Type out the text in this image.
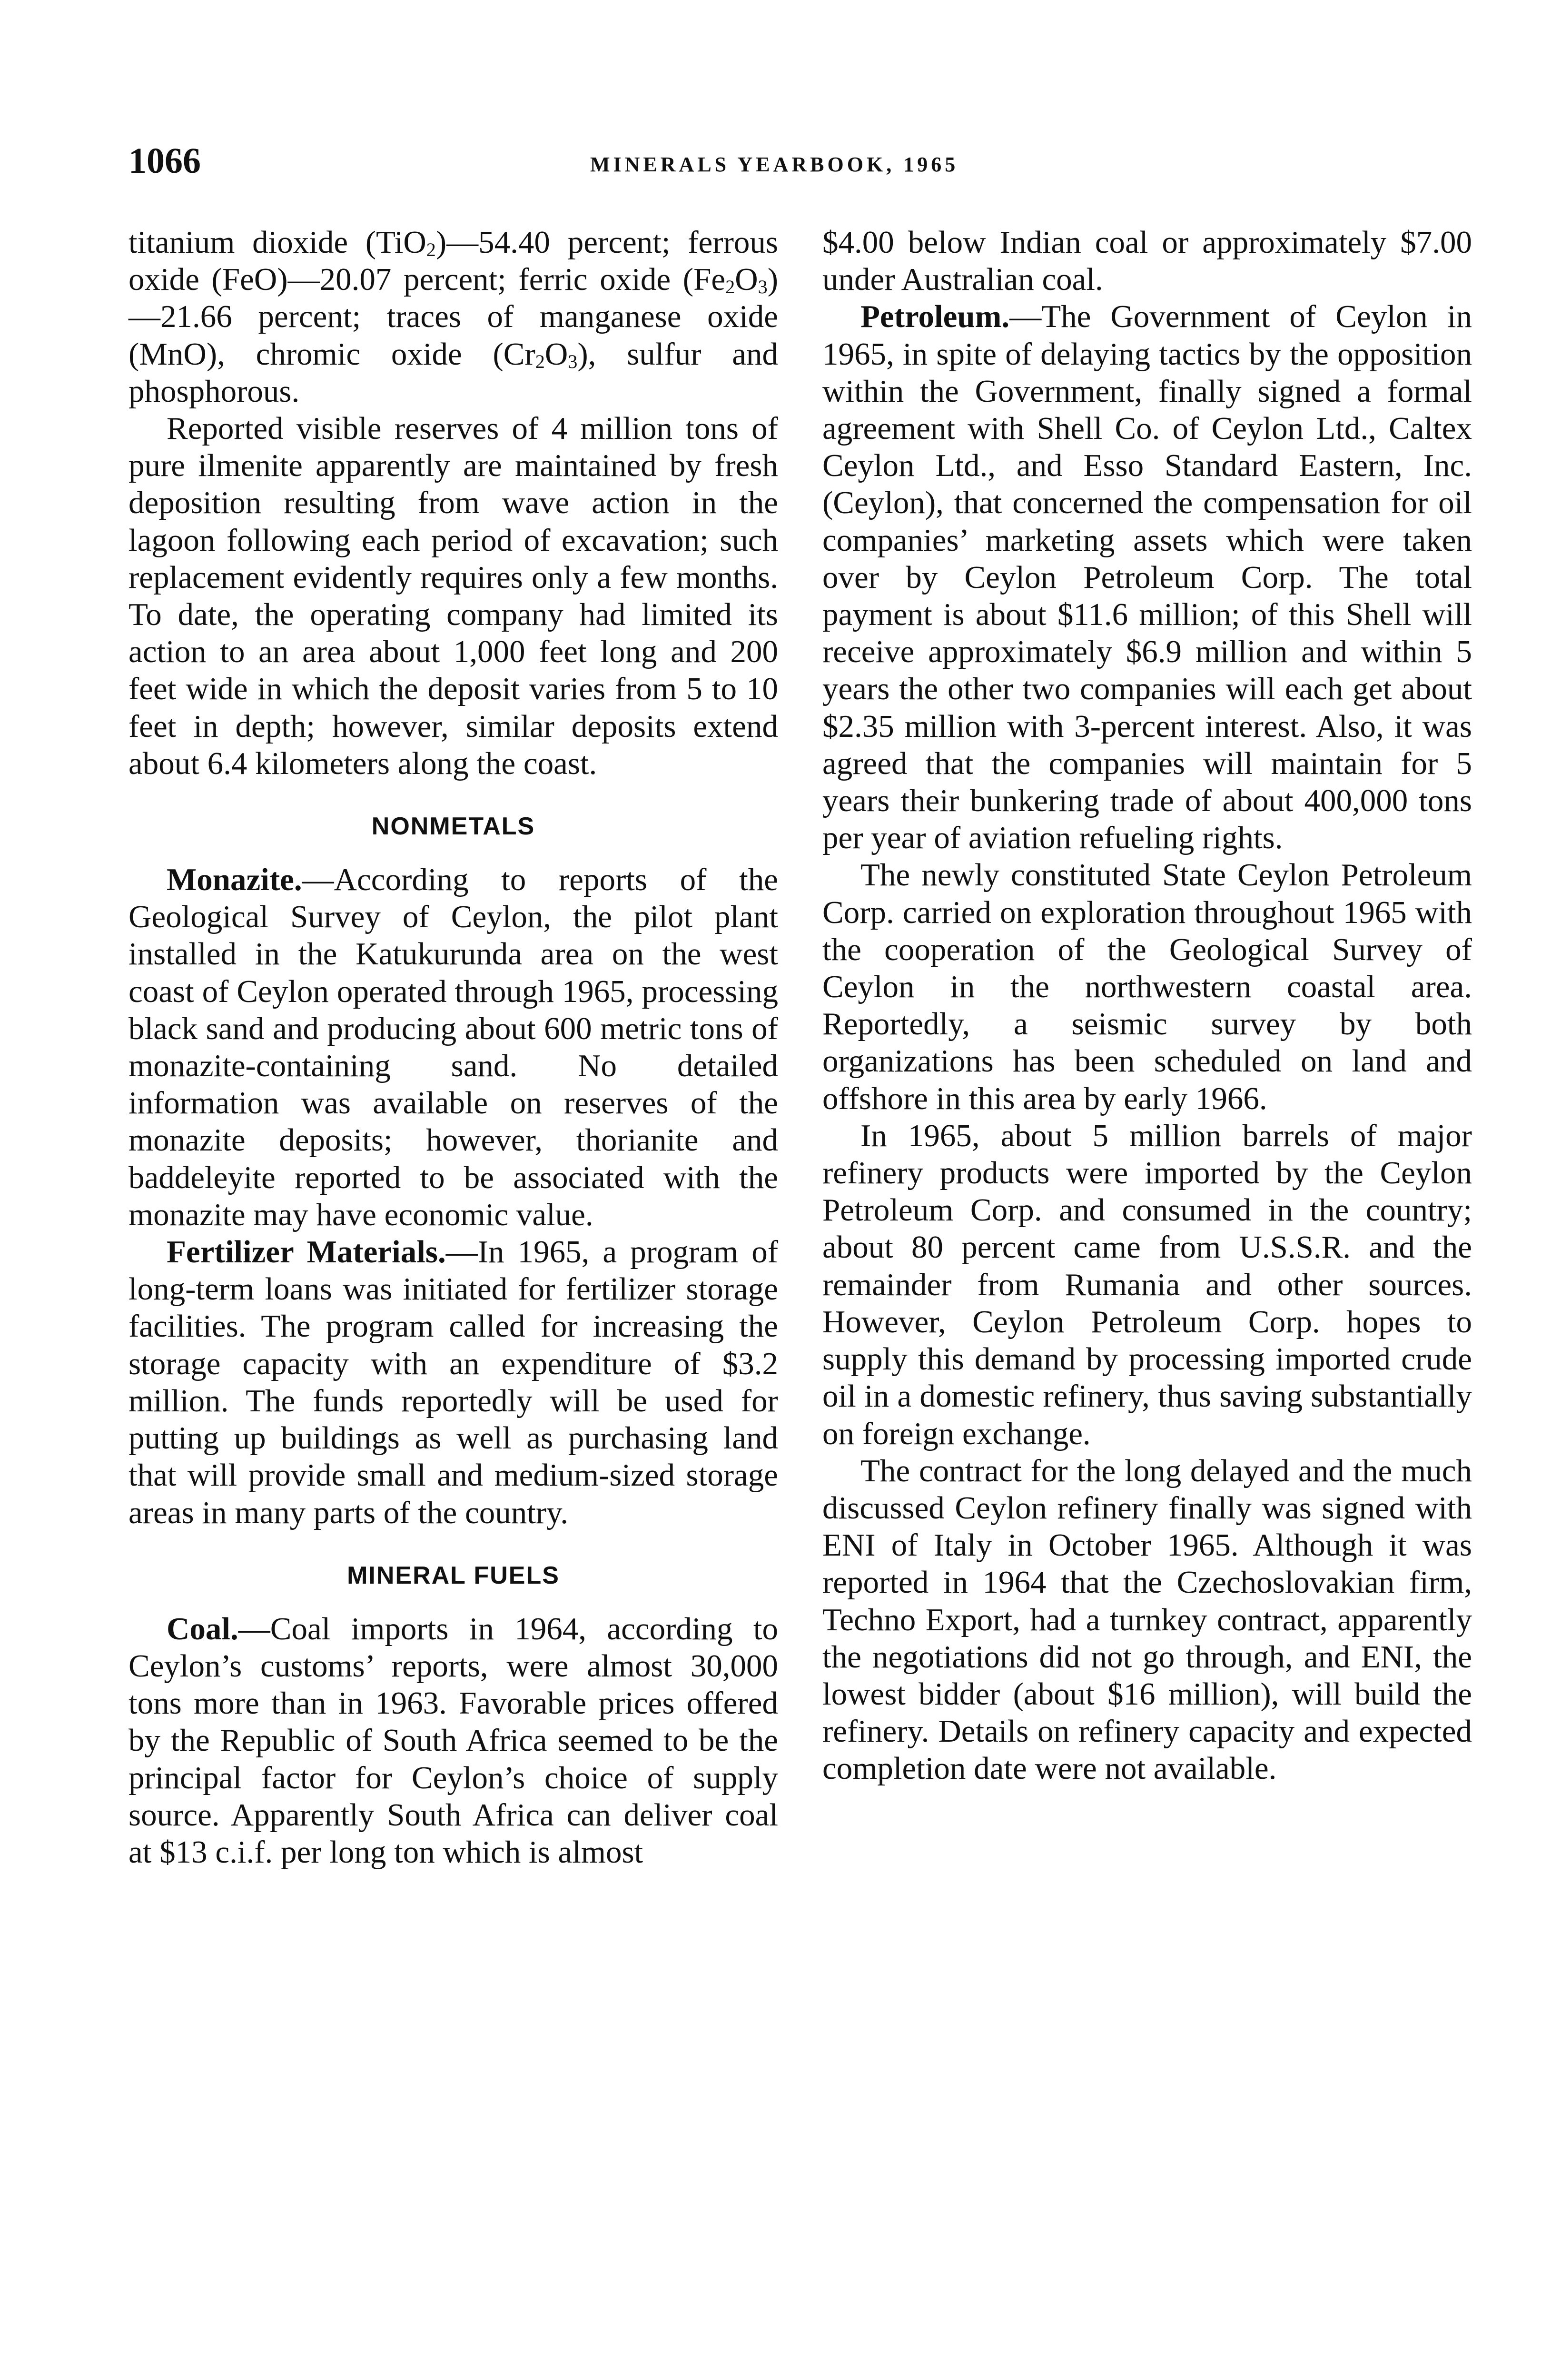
1066	MINERALS YEARBOOK, 1965

titanium dioxide (TiO$_2$)—54.40 percent; ferrous oxide (FeO)—20.07 percent; ferric oxide $(Fe_2O_3)—21.66$ percent; traces of manganese oxide (MnO), chromic oxide $(Cr_2O_3)$, sulfur and phosphorous.

Reported visible reserves of 4 million tons of pure ilmenite apparently are maintained by fresh deposition resulting from wave action in the lagoon following each period of excavation; such replacement evidently requires only a few months. To date, the operating company had limited its action to an area about 1,000 feet long and 200 feet wide in which the deposit varies from 5 to 10 feet in depth; however, similar deposits extend about 6.4 kilometers along the coast.

NONMETALS

Monazite.—According to reports of the Geological Survey of Ceylon, the pilot plant installed in the Katukurunda area on the west coast of Ceylon operated through 1965, processing black sand and producing about 600 metric tons of monazite-containing sand. No detailed information was available on reserves of the monazite deposits; however, thorianite and baddeleyite reported to be associated with the monazite may have economic value.

Fertilizer Materials.—In 1965, a program of long-term loans was initiated for fertilizer storage facilities. The program called for increasing the storage capacity with an expenditure of $3.2 million. The funds reportedly will be used for putting up buildings as well as purchasing land that will provide small and medium-sized storage areas in many parts of the country.

MINERAL FUELS

Coal.—Coal imports in 1964, according to Ceylon’s customs’ reports, were almost 30,000 tons more than in 1963. Favorable prices offered by the Republic of South Africa seemed to be the principal factor for Ceylon’s choice of supply source. Apparently South Africa can deliver coal at $13 c.i.f. per long ton which is almost

$4.00 below Indian coal or approximately $7.00 under Australian coal.

Petroleum.—The Government of Ceylon in 1965, in spite of delaying tactics by the opposition within the Government, finally signed a formal agreement with Shell Co. of Ceylon Ltd., Caltex Ceylon Ltd., and Esso Standard Eastern, Inc. (Ceylon), that concerned the compensation for oil companies’ marketing assets which were taken over by Ceylon Petroleum Corp. The total payment is about $11.6 million; of this Shell will receive approximately $6.9 million and within 5 years the other two companies will each get about $2.35 million with 3-percent interest. Also, it was agreed that the companies will maintain for 5 years their bunkering trade of about 400,000 tons per year of aviation refueling rights.

The newly constituted State Ceylon Petroleum Corp. carried on exploration throughout 1965 with the cooperation of the Geological Survey of Ceylon in the northwestern coastal area. Reportedly, a seismic survey by both organizations has been scheduled on land and offshore in this area by early 1966.

In 1965, about 5 million barrels of major refinery products were imported by the Ceylon Petroleum Corp. and consumed in the country; about 80 percent came from U.S.S.R. and the remainder from Rumania and other sources. However, Ceylon Petroleum Corp. hopes to supply this demand by processing imported crude oil in a domestic refinery, thus saving substantially on foreign exchange.

The contract for the long delayed and the much discussed Ceylon refinery finally was signed with ENI of Italy in October 1965. Although it was reported in 1964 that the Czechoslovakian firm, Techno Export, had a turnkey contract, apparently the negotiations did not go through, and ENI, the lowest bidder (about $16 million), will build the refinery. Details on refinery capacity and expected completion date were not available.
